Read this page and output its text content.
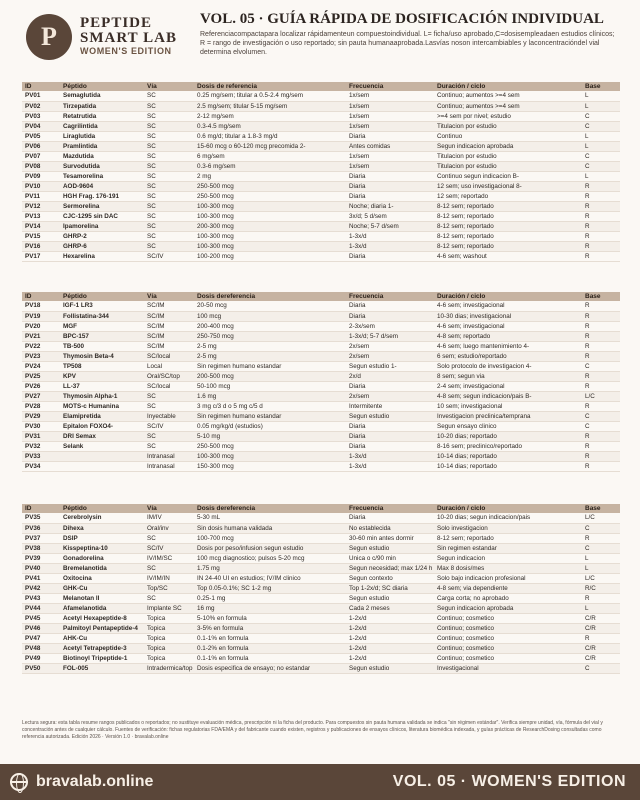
P	PEPTIDE
SMART LAB
WOMEN'S EDITION
VOL. 05 · GUÍA RÁPIDA DE DOSIFICACIÓN INDIVIDUAL
Referenciacompactapara localizar rápidamenteun compuestoindividual. L= ficha/uso aprobado,C=dosisempleadaen estudios clínicos; R = rango de investigación o uso reportado; sin pauta humanaaprobada.Lasvías noson intercambiables y laconcentracióndel vial determina elvolumen.
ID	Péptido	Vía	Dosis de referencia	Frecuencia	Duración / ciclo	Base
PV01	Semaglutida	SC	0.25 mg/sem; titular a 0.5-2.4 mg/sem	1x/sem	Continuo; aumentos >=4 sem	L
PV02	Tirzepatida	SC	2.5 mg/sem; titular 5-15 mg/sem	1x/sem	Continuo; aumentos >=4 sem	L
PV03	Retatrutida	SC	2-12 mg/sem	1x/sem	>=4 sem por nivel; estudio	C
PV04	Cagrilintida	SC	0.3-4.5 mg/sem	1x/sem	Titulacion por estudio	C
PV05	Liraglutida	SC	0.6 mg/d; titular a 1.8-3 mg/d	Diaria	Continuo	L
PV06	Pramlintida	SC	15-60 mcg o 60-120 mcg precomida 2-	Antes comidas	Segun indicacion aprobada	L
PV07	Mazdutida	SC	6 mg/sem	1x/sem	Titulacion por estudio	C
PV08	Survodutida	SC	0.3-6 mg/sem	1x/sem	Titulacion por estudio	C
PV09	Tesamorelina	SC	2 mg	Diaria	Continuo segun indicacion B-	L
PV10	AOD-9604	SC	250-500 mcg	Diaria	12 sem; uso investigacional 8-	R
PV11	HGH Frag. 176-191	SC	250-500 mcg	Diaria	12 sem; reportado	R
PV12	Sermorelina	SC	100-300 mcg	Noche; diaria 1-	8-12 sem; reportado	R
PV13	CJC-1295 sin DAC	SC	100-300 mcg	3x/d; 5 d/sem	8-12 sem; reportado	R
PV14	Ipamorelina	SC	200-300 mcg	Noche; 5-7 d/sem	8-12 sem; reportado	R
PV15	GHRP-2	SC	100-300 mcg	1-3x/d	8-12 sem; reportado	R
PV16	GHRP-6	SC	100-300 mcg	1-3x/d	8-12 sem; reportado	R
PV17	Hexarelina	SC/IV	100-200 mcg	Diaria	4-6 sem; washout	R
ID	Péptido	Vía	Dosis dereferencia	Frecuencia	Duración / ciclo	Base
PV18	IGF-1 LR3	SC/IM	20-50 mcg	Diaria	4-6 sem; investigacional	R
PV19	Follistatina-344	SC/IM	100 mcg	Diaria	10-30 dias; investigacional	R
PV20	MGF	SC/IM	200-400 mcg	2-3x/sem	4-6 sem; investigacional	R
PV21	BPC-157	SC/IM	250-750 mcg	1-3x/d; 5-7 d/sem	4-8 sem; reportado	R
PV22	TB-500	SC/IM	2-5 mg	2x/sem	4-6 sem; luego mantenimiento 4-	R
PV23	Thymosin Beta-4	SC/local	2-5 mg	2x/sem	6 sem; estudio/reportado	R
PV24	TP508	Local	Sin regimen humano estandar	Segun estudio 1-	Solo protocolo de investigacion 4-	C
PV25	KPV	Oral/SC/top	200-500 mcg	2x/d	8 sem; segun via	R
PV26	LL-37	SC/local	50-100 mcg	Diaria	2-4 sem; investigacional	R
PV27	Thymosin Alpha-1	SC	1.6 mg	2x/sem	4-8 sem; segun indicacion/pais B-	L/C
PV28	MOTS-c Humanina	SC	3 mg c/3 d o 5 mg c/5 d	Intermitente	10 sem; investigacional	R
PV29	Elamipretida	Inyectable	Sin regimen humano estandar	Segun estudio	Investigacion preclinica/temprana	C
PV30	Epitalon FOXO4-	SC/IV	0.05 mg/kg/d (estudios)	Diaria	Segun ensayo clinico	C
PV31	DRI Semax	SC	5-10 mg	Diaria	10-20 dias; reportado	R
PV32	Selank	SC	250-500 mcg	Diaria	8-16 sem; preclinico/reportado	R
PV33		Intranasal	100-300 mcg	1-3x/d	10-14 dias; reportado	R
PV34		Intranasal	150-300 mcg	1-3x/d	10-14 dias; reportado	R
ID	Péptido	Vía	Dosis dereferencia	Frecuencia	Duración / ciclo	Base
PV35	Cerebrolysin	IM/IV	5-30 mL	Diaria	10-20 dias; segun indicacion/pais	L/C
PV36	Dihexa	Oral/inv	Sin dosis humana validada	No establecida	Solo investigacion	C
PV37	DSIP	SC	100-700 mcg	30-60 min antes dormir	8-12 sem; reportado	R
PV38	Kisspeptina-10	SC/IV	Dosis por peso/infusion segun estudio	Segun estudio	Sin regimen estandar	C
PV39	Gonadorelina	IV/IM/SC	100 mcg diagnostico; pulsos 5-20 mcg	Unica o c/90 min	Segun indicacion	L
PV40	Bremelanotida	SC	1.75 mg	Segun necesidad; max 1/24 h	Max 8 dosis/mes	L
PV41	Oxitocina	IV/IM/IN	IN 24-40 UI en estudios; IV/IM clinico	Segun contexto	Solo bajo indicacion profesional	L/C
PV42	GHK-Cu	Top/SC	Top 0.05-0.1%; SC 1-2 mg	Top 1-2x/d; SC diaria	4-8 sem; via dependiente	R/C
PV43	Melanotan II	SC	0.25-1 mg	Segun estudio	Carga corta; no aprobado	R
PV44	Afamelanotida	Implante SC	16 mg	Cada 2 meses	Segun indicacion aprobada	L
PV45	Acetyl Hexapeptide-8	Topica	5-10% en formula	1-2x/d	Continuo; cosmetico	C/R
PV46	Palmitoyl Pentapeptide-4	Topica	3-5% en formula	1-2x/d	Continuo; cosmetico	C/R
PV47	AHK-Cu	Topica	0.1-1% en formula	1-2x/d	Continuo; cosmetico	R
PV48	Acetyl Tetrapeptide-3	Topica	0.1-2% en formula	1-2x/d	Continuo; cosmetico	C/R
PV49	Biotinoyl Tripeptide-1	Topica	0.1-1% en formula	1-2x/d	Continuo; cosmetico	C/R
PV50	FOL-005	Intradermica/top	Dosis especifica de ensayo; no estandar	Segun estudio	Investigacional	C
Lectura segura: esta tabla resume rangos publicados o reportados; no sustituye evaluación médica, prescripción ni la ficha del producto. Para compuestos sin pauta humana validada se indica "sin régimen estándar". Verifica siempre unidad, vía, fórmula del vial y concentración antes de cualquier cálculo. Fuentes de verificación: fichas regulatorias FDA/EMA y del fabricante cuando existen, registros y publicaciones de ensayos clínicos, literatura biomédica indexada, y guías prácticas de ResearchDosing consultadas como referencia autorizada. Edición 2026 · Versión 1.0 · bravalab.online
bravalab.online	VOL. 05 · WOMEN'S EDITION
